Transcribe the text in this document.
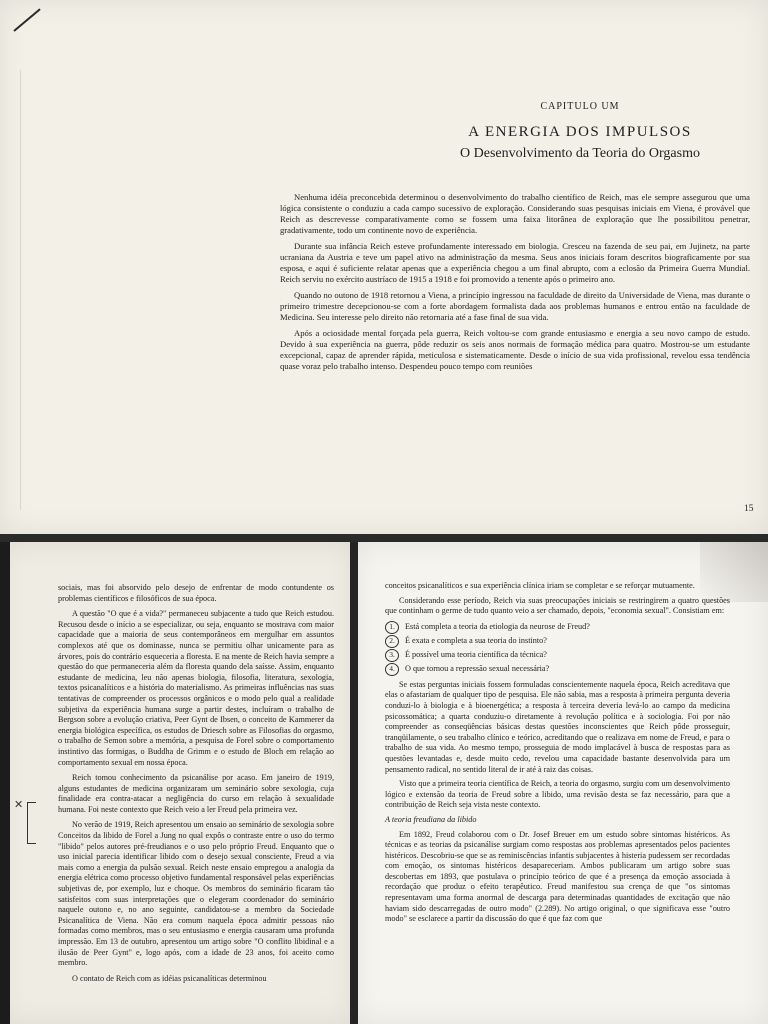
CAPITULO UM
A ENERGIA DOS IMPULSOS
O Desenvolvimento da Teoria do Orgasmo

Nenhuma idéia preconcebida determinou o desenvolvimento do trabalho científico de Reich, mas ele sempre assegurou que uma lógica consistente o conduziu a cada campo sucessivo de exploração. Considerando suas pesquisas iniciais em Viena, é provável que Reich as descrevesse comparativamente como se fossem uma faixa litorânea de exploração que lhe possibilitou penetrar, gradativamente, todo um continente novo de experiência.

Durante sua infância Reich esteve profundamente interessado em biologia. Cresceu na fazenda de seu pai, em Jujinetz, na parte ucraniana da Austria e teve um papel ativo na administração da mesma. Seus anos iniciais foram descritos biograficamente por sua esposa, e aqui é suficiente relatar apenas que a experiência chegou a um final abrupto, com a eclosão da Primeira Guerra Mundial. Reich serviu no exército austríaco de 1915 a 1918 e foi promovido a tenente após o primeiro ano.

Quando no outono de 1918 retornou a Viena, a princípio ingressou na faculdade de direito da Universidade de Viena, mas durante o primeiro trimestre decepcionou-se com a forte abordagem formalista dada aos problemas humanos e entrou então na faculdade de Medicina. Seu interesse pelo direito não retornaria até a fase final de sua vida.

Após a ociosidade mental forçada pela guerra, Reich voltou-se com grande entusiasmo e energia a seu novo campo de estudo. Devido à sua experiência na guerra, pôde reduzir os seis anos normais de formação médica para quatro. Mostrou-se um estudante excepcional, capaz de aprender rápida, meticulosa e sistematicamente. Desde o início de sua vida profissional, revelou essa tendência quase voraz pelo trabalho intenso. Despendeu pouco tempo com reuniões

15
✕

sociais, mas foi absorvido pelo desejo de enfrentar de modo contundente os problemas científicos e filosóficos de sua época.

A questão "O que é a vida?" permaneceu subjacente a tudo que Reich estudou. Recusou desde o início a se especializar, ou seja, enquanto se mostrava com maior capacidade que a maioria de seus contemporâneos em mergulhar em assuntos complexos até que os dominasse, nunca se permitiu olhar unicamente para as árvores, pois do contrário esqueceria a floresta. E na mente de Reich havia sempre a questão do que permaneceria além da floresta quando dela saísse. Assim, enquanto estudante de medicina, leu não apenas biologia, filosofia, literatura, sexologia, textos psicanalíticos e a história do materialismo. As primeiras influências nas suas tentativas de compreender os processos orgânicos e o modo pelo qual a realidade subjetiva da experiência humana surge a partir destes, incluíram o trabalho de Bergson sobre a evolução criativa, Peer Gynt de Ibsen, o conceito de Kammerer da energia biológica específica, os estudos de Driesch sobre as Filosofias do orgasmo, o trabalho de Semon sobre a memória, a pesquisa de Forel sobre o comportamento instintivo das formigas, o Buddha de Grimm e o estudo de Bloch em relação ao comportamento sexual em nossa época.

Reich tomou conhecimento da psicanálise por acaso. Em janeiro de 1919, alguns estudantes de medicina organizaram um seminário sobre sexologia, cuja finalidade era contra-atacar a negligência do curso em relação à sexualidade humana. Foi neste contexto que Reich veio a ler Freud pela primeira vez.

No verão de 1919, Reich apresentou um ensaio ao seminário de sexologia sobre Conceitos da libido de Forel a Jung no qual expôs o contraste entre o uso do termo "libido" pelos autores pré-freudianos e o uso pelo próprio Freud. Enquanto que o uso inicial parecia identificar libido com o desejo sexual consciente, Freud a via mais como a energia da pulsão sexual. Reich neste ensaio empregou a analogia da energia elétrica como processo objetivo fundamental responsável pelas experiências subjetivas de, por exemplo, luz e choque. Os membros do seminário ficaram tão satisfeitos com suas interpretações que o elegeram coordenador do seminário naquele outono e, no ano seguinte, candidatou-se a membro da Sociedade Psicanalítica de Viena. Não era comum naquela época admitir pessoas não formadas como membros, mas o seu entusiasmo e energia causaram uma profunda impressão. Em 13 de outubro, apresentou um artigo sobre "O conflito libidinal e a ilusão de Peer Gynt" e, logo após, com a idade de 23 anos, foi aceito como membro.

O contato de Reich com as idéias psicanalíticas determinou

conceitos psicanalíticos e sua experiência clínica iriam se completar e se reforçar mutuamente.

Considerando esse período, Reich via suas preocupações iniciais se restringirem a quatro questões que continham o germe de tudo quanto veio a ser chamado, depois, "economia sexual". Consistiam em:

1. Está completa a teoria da etiologia da neurose de Freud?
2. É exata e completa a sua teoria do instinto?
3. É possível uma teoria científica da técnica?
4. O que tornou a repressão sexual necessária?

Se estas perguntas iniciais fossem formuladas conscientemente naquela época, Reich acreditava que elas o afastariam de qualquer tipo de pesquisa. Ele não sabia, mas a resposta à primeira pergunta deveria conduzi-lo à biologia e à bioenergética; a resposta à terceira deveria levá-lo ao campo da medicina psicossomática; a quarta conduziu-o diretamente à revolução política e à sociologia. Foi por não compreender as conseqüências básicas destas questões inconscientes que Reich pôde prosseguir, tranqüilamente, o seu trabalho clínico e teórico, acreditando que o realizava em nome de Freud, e para o trabalho de sua vida. Ao mesmo tempo, prosseguia de modo implacável à busca de respostas para as questões levantadas e, desde muito cedo, revelou uma capacidade bastante desenvolvida para um pensamento radical, no sentido literal de ir até à raiz das coisas.

Visto que a primeira teoria científica de Reich, a teoria do orgasmo, surgiu com um desenvolvimento lógico e extensão da teoria de Freud sobre a libido, uma revisão desta se faz necessário, para que a contribuição de Reich seja vista neste contexto.

A teoria freudiana da libido

Em 1892, Freud colaborou com o Dr. Josef Breuer em um estudo sobre sintomas histéricos. As técnicas e as teorias da psicanálise surgiam como respostas aos problemas apresentados pelos pacientes histéricos. Descobriu-se que se as reminiscências infantis subjacentes à histeria pudessem ser recordadas com emoção, os sintomas histéricos desapareceriam. Ambos publicaram um artigo sobre suas descobertas em 1893, que postulava o princípio teórico de que é a presença da emoção associada à recordação que produz o efeito terapêutico. Freud manifestou sua crença de que "os sintomas representavam uma forma anormal de descarga para determinadas quantidades de excitação que não haviam sido descarregadas de outro modo" (2.289). No artigo original, o que significava esse "outro modo" se esclarece a partir da discussão do que é que faz com que
